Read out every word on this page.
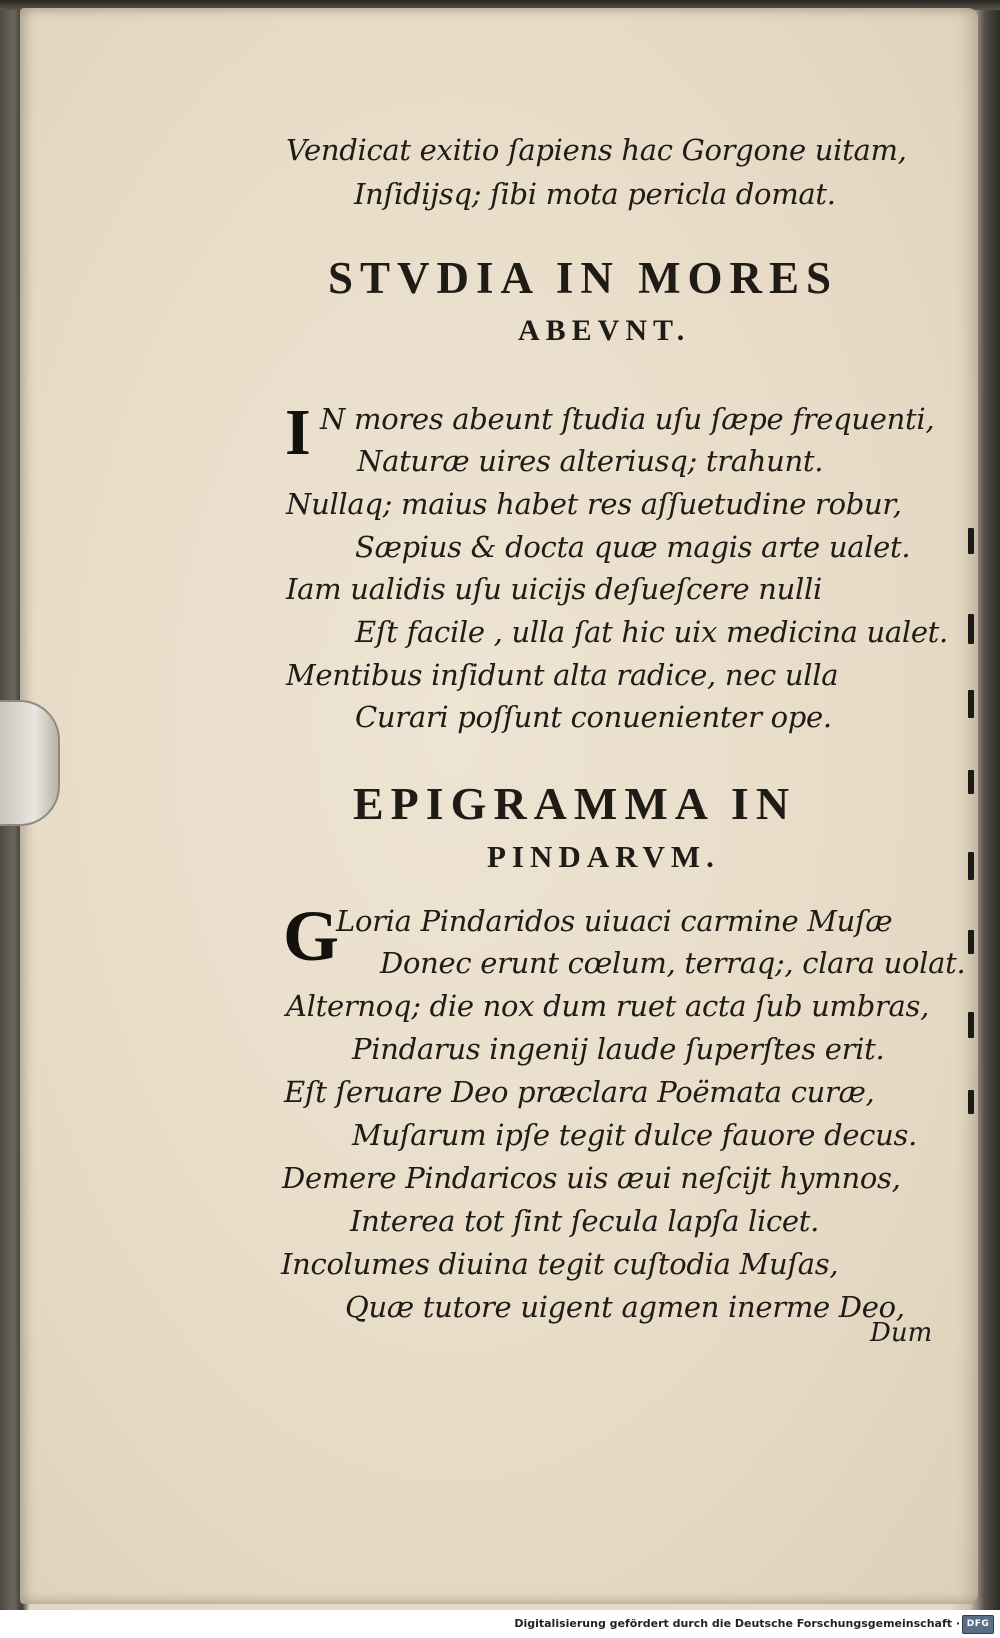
Vendicat exitio ſapiens hac Gorgone uitam,
Inſidijsq; ſibi mota pericla domat.
STVDIA IN MORES
ABEVNT.
I N mores abeunt ſtudia uſu ſæpe frequenti,
Naturæ uires alteriusq; trahunt.
Nullaq; maius habet res aſſuetudine robur,
Sæpius & docta quæ magis arte ualet.
Iam ualidis uſu uicijs deſueſcere nulli
Eſt facile , ulla ſat hic uix medicina ualet.
Mentibus inſidunt alta radice, nec ulla
Curari poſſunt conuenienter ope.
EPIGRAMMA IN
PINDARVM.
G
Loria Pindaridos uiuaci carmine Muſæ
Donec erunt cœlum, terraq;, clara uolat.
Alternoq; die nox dum ruet acta ſub umbras,
Pindarus ingenij laude ſuperſtes erit.
Eſt ſeruare Deo præclara Poëmata curæ,
Muſarum ipſe tegit dulce fauore decus.
Demere Pindaricos uis æui neſcijt hymnos,
Interea tot ſint ſecula lapſa licet.
Incolumes diuina tegit cuſtodia Muſas,
Quæ tutore uigent agmen inerme Deo,
Dum
Digitalisierung gefördert durch die Deutsche Forschungsgemeinschaft · DFG
